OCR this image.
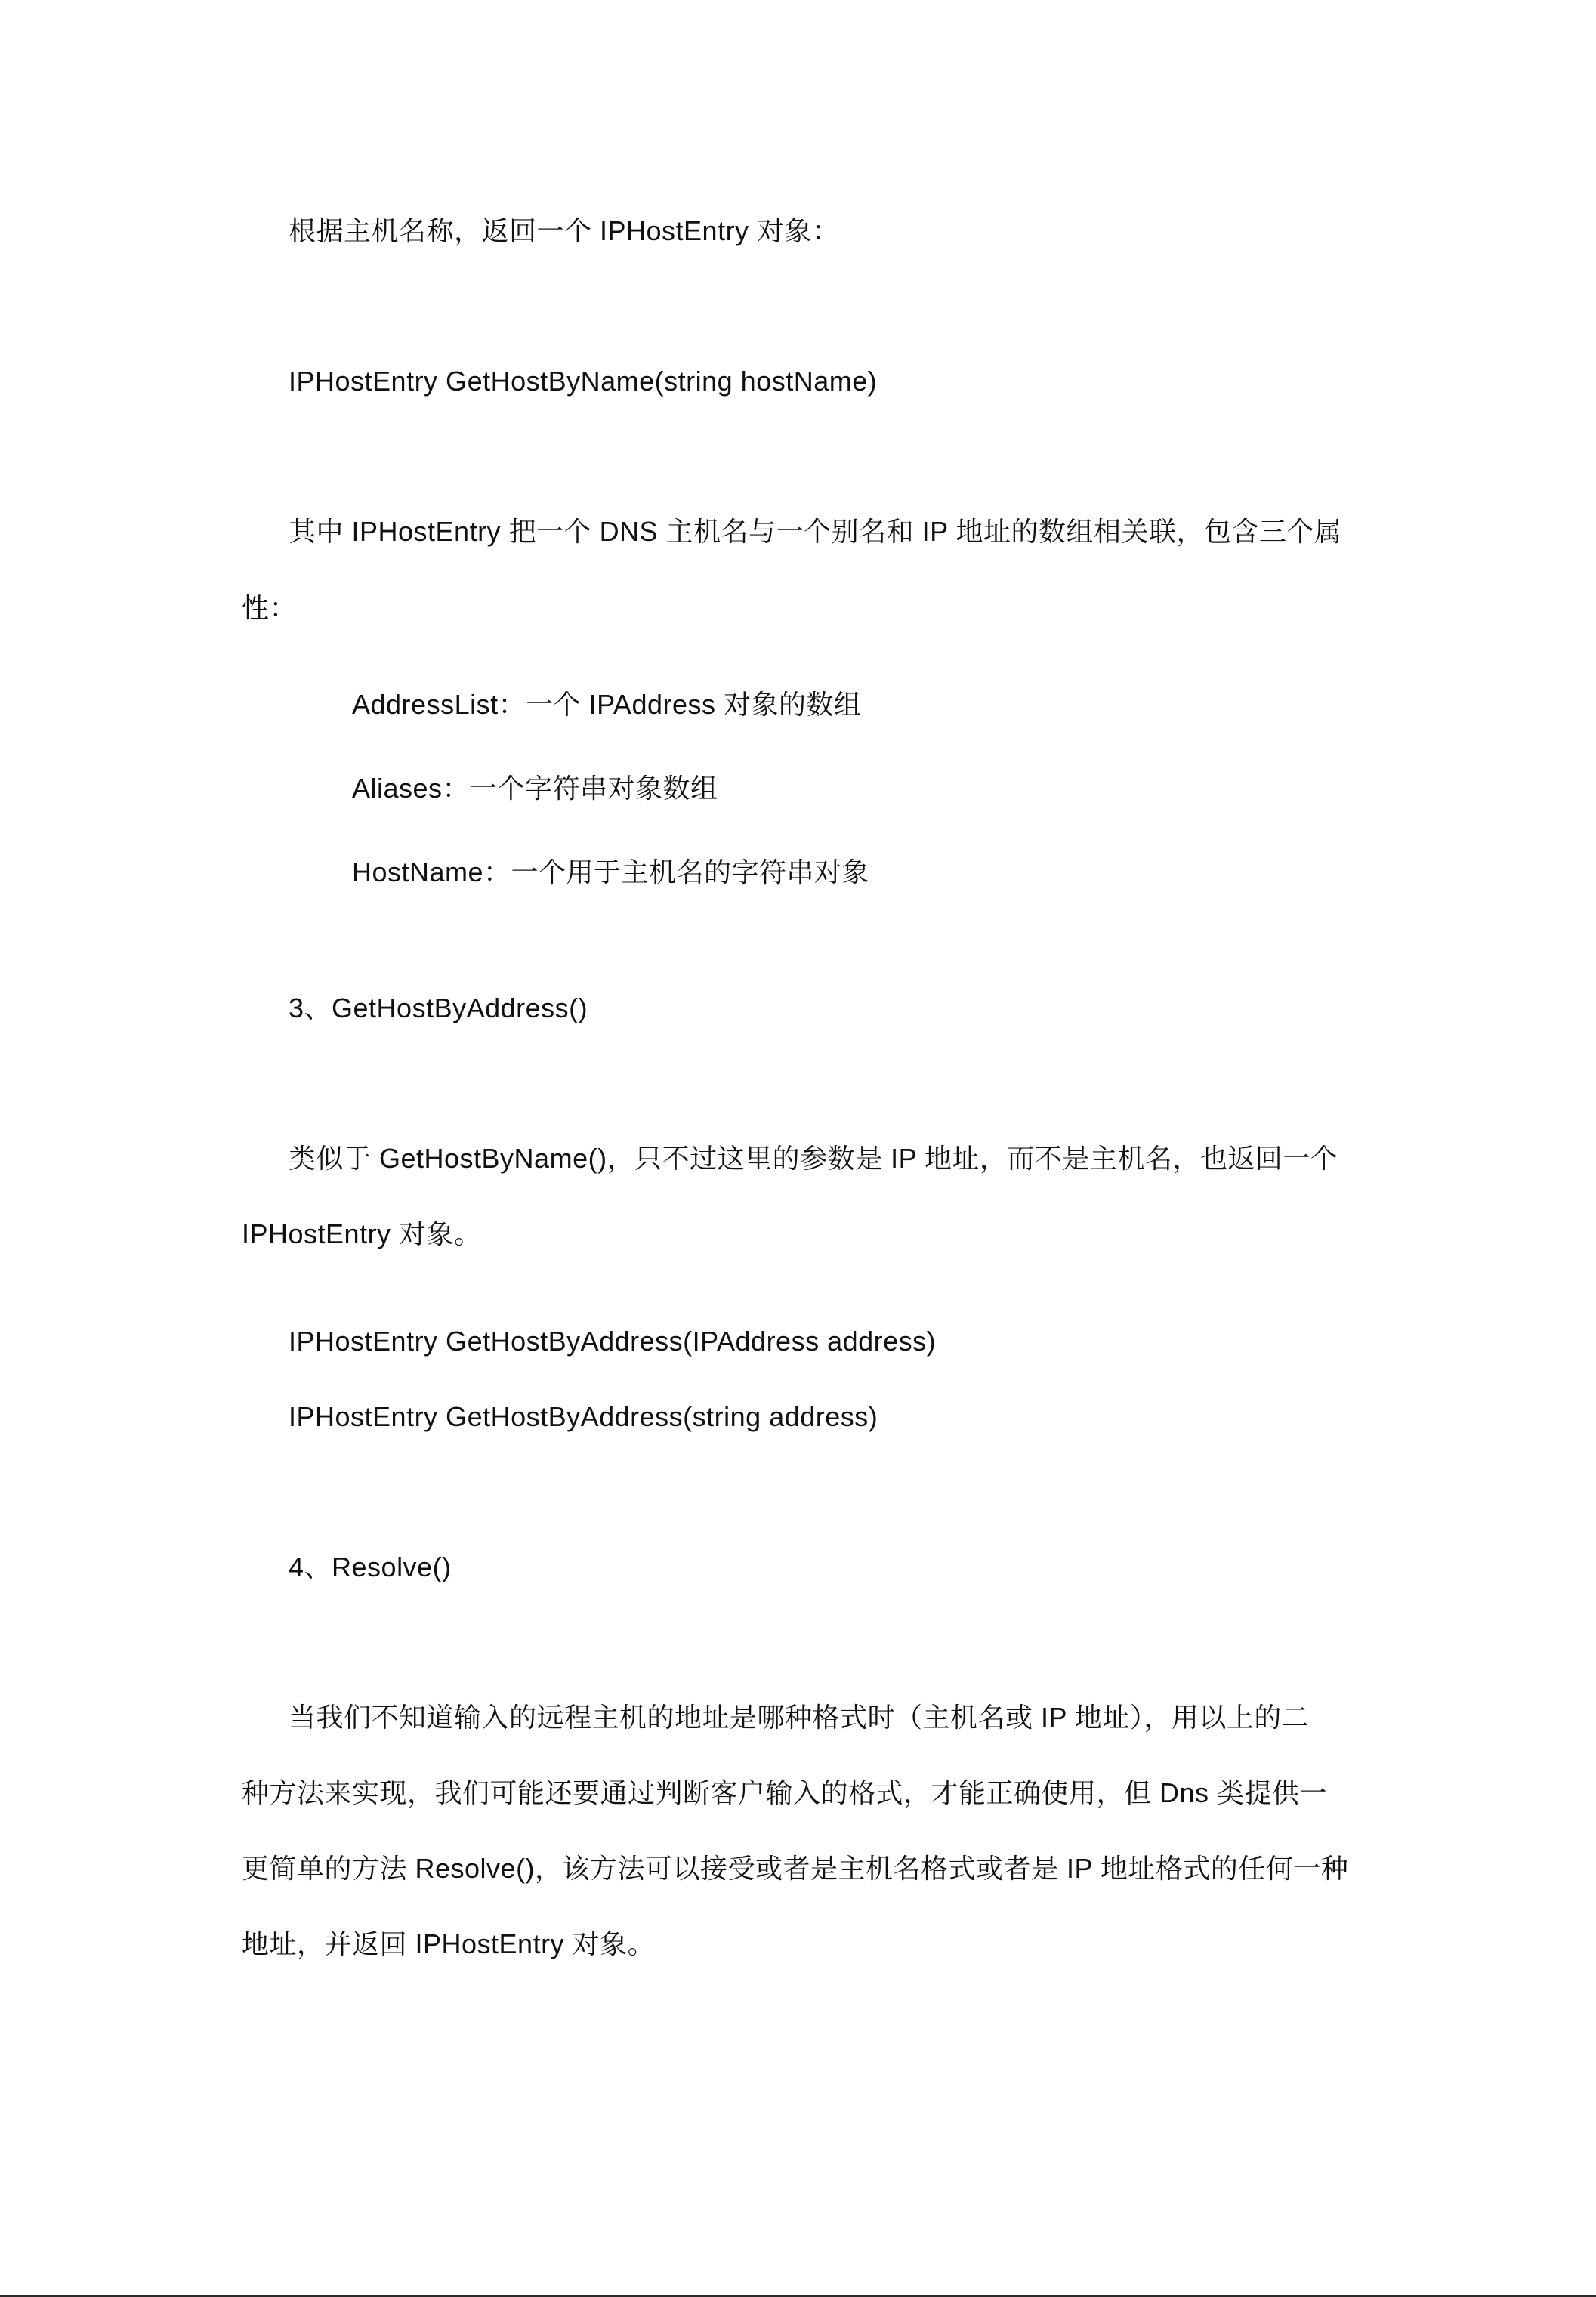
根据主机名称，返回一个 IPHostEntry 对象：
IPHostEntry GetHostByName(string hostName)
其中 IPHostEntry 把一个 DNS 主机名与一个别名和 IP 地址的数组相关联，包含三个属
性：
AddressList：一个 IPAddress 对象的数组
Aliases：一个字符串对象数组
HostName：一个用于主机名的字符串对象
3、GetHostByAddress()
类似于 GetHostByName()，只不过这里的参数是 IP 地址，而不是主机名，也返回一个
IPHostEntry 对象。
IPHostEntry GetHostByAddress(IPAddress address)
IPHostEntry GetHostByAddress(string address)
4、Resolve()
当我们不知道输入的远程主机的地址是哪种格式时（主机名或 IP 地址），用以上的二
种方法来实现，我们可能还要通过判断客户输入的格式，才能正确使用，但 Dns 类提供一
更简单的方法 Resolve()，该方法可以接受或者是主机名格式或者是 IP 地址格式的任何一种
地址，并返回 IPHostEntry 对象。
